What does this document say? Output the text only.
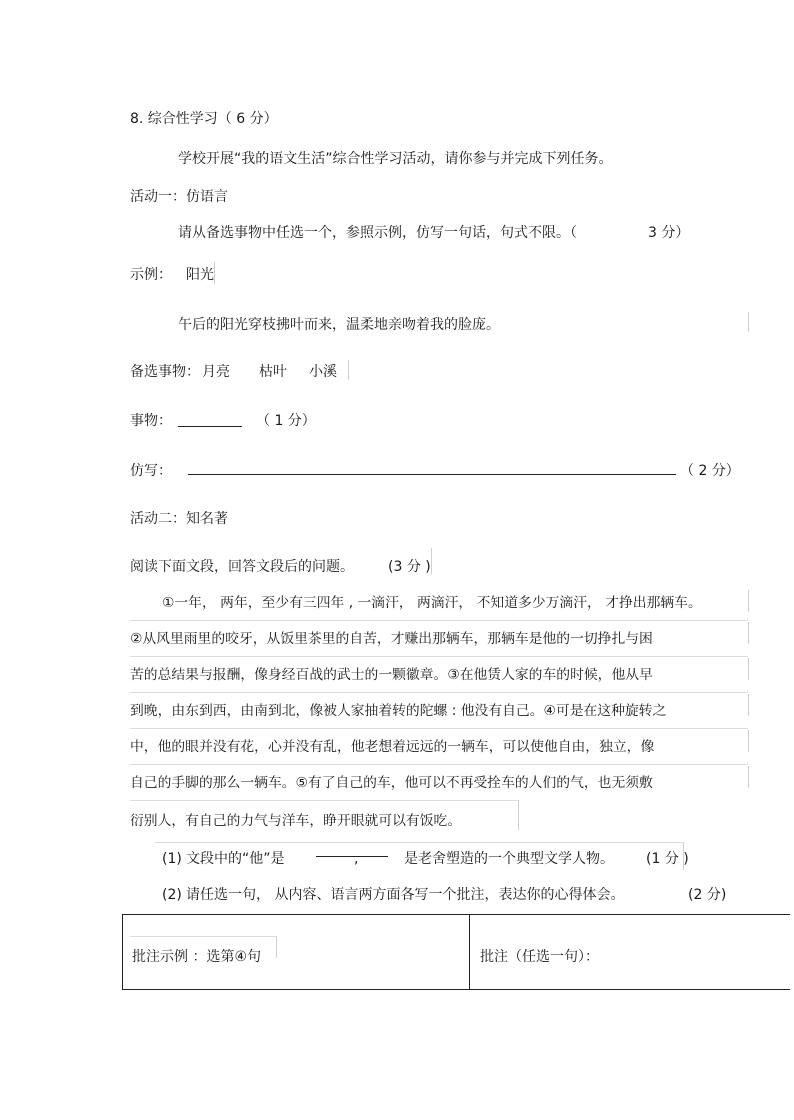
8. 综合性学习（ 6 分）
学校开展“我的语文生活”综合性学习活动，请你参与并完成下列任务。
活动一：仿语言
请从备选事物中任选一个，参照示例，仿写一句话，句式不限。（	3 分）
示例： 阳光
午后的阳光穿枝拂叶而来，温柔地亲吻着我的脸庞。
备选事物： 月亮 枯叶 小溪
事物：	（ 1 分）
仿写：	（ 2 分）
活动二：知名著
阅读下面文段，回答文段后的问题。 (3 分 )
①一年， 两年，至少有三四年 , 一滴汗， 两滴汗， 不知道多少万滴汗， 才挣出那辆车。
②从风里雨里的咬牙，从饭里茶里的自苦，才赚出那辆车，那辆车是他的一切挣扎与困
苦的总结果与报酬，像身经百战的武士的一颗徽章。③在他赁人家的车的时候，他从早
到晚，由东到西，由南到北，像被人家抽着转的陀螺 : 他没有自己。④可是在这种旋转之
中，他的眼并没有花，心并没有乱，他老想着远远的一辆车，可以使他自由，独立，像
自己的手脚的那么一辆车。⑤有了自己的车，他可以不再受拴车的人们的气，也无须敷
衍别人，有自己的力气与洋车，睁开眼就可以有饭吃。
(1) 文段中的“他”是	,	是老舍塑造的一个典型文学人物。 (1 分 )
(2) 请任选一句， 从内容、语言两方面各写一个批注，表达你的心得体会。	(2 分)
批注示例 ：选第④句	批注（任选一句）：
